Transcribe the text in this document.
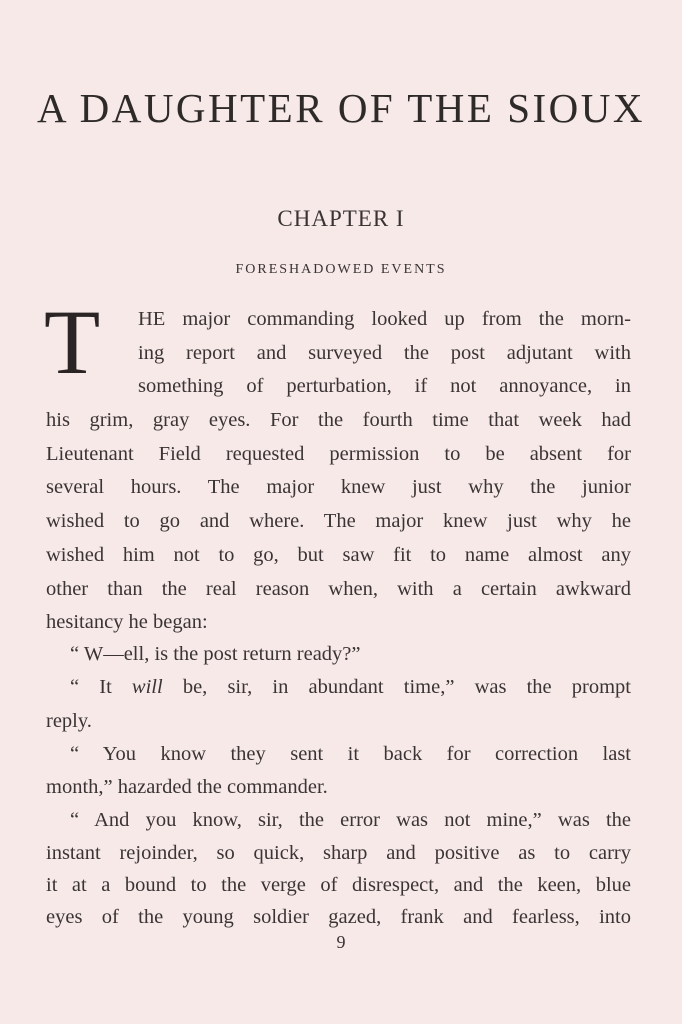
A DAUGHTER OF THE SIOUX
CHAPTER I
FORESHADOWED EVENTS
T HE major commanding looked up from the morn-
ing report and surveyed the post adjutant with
something of perturbation, if not annoyance, in
his grim, gray eyes. For the fourth time that week had
Lieutenant Field requested permission to be absent for
several hours. The major knew just why the junior
wished to go and where. The major knew just why he
wished him not to go, but saw fit to name almost any
other than the real reason when, with a certain awkward
hesitancy he began:
“ W—ell, is the post return ready?”
“ It will be, sir, in abundant time,” was the prompt
reply.
“ You know they sent it back for correction last
month,” hazarded the commander.
“ And you know, sir, the error was not mine,” was the
instant rejoinder, so quick, sharp and positive as to carry
it at a bound to the verge of disrespect, and the keen, blue
eyes of the young soldier gazed, frank and fearless, into
9
